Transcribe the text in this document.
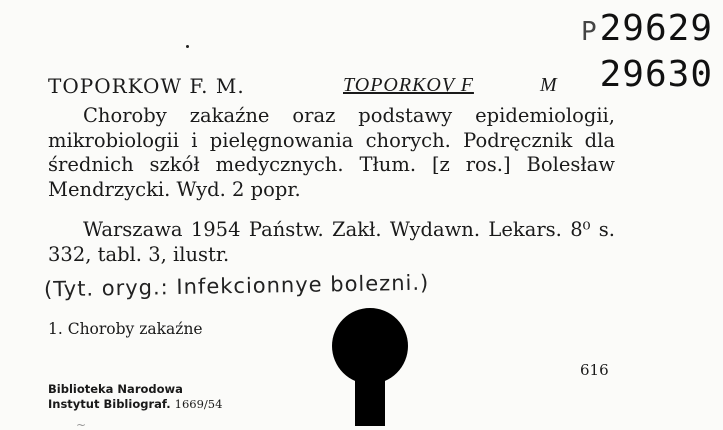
P29629
29630
TOPORKOW F. M.	TOPORKOV F	M
Choroby zakaźne oraz podstawy epidemiologii, mikrobiologii i pielęgnowania chorych. Podręcznik dla średnich szkół medycznych. Tłum. [z ros.] Bolesław Mendrzycki. Wyd. 2 popr.
Warszawa 1954 Państw. Zakł. Wydawn. Lekars. 8⁰ s. 332, tabl. 3, ilustr.
(Tyt. oryg.: Infekcionnye bolezni.)
1. Choroby zakaźne
616
Biblioteka Narodowa
Instytut Bibliograf. 1669/54
~
